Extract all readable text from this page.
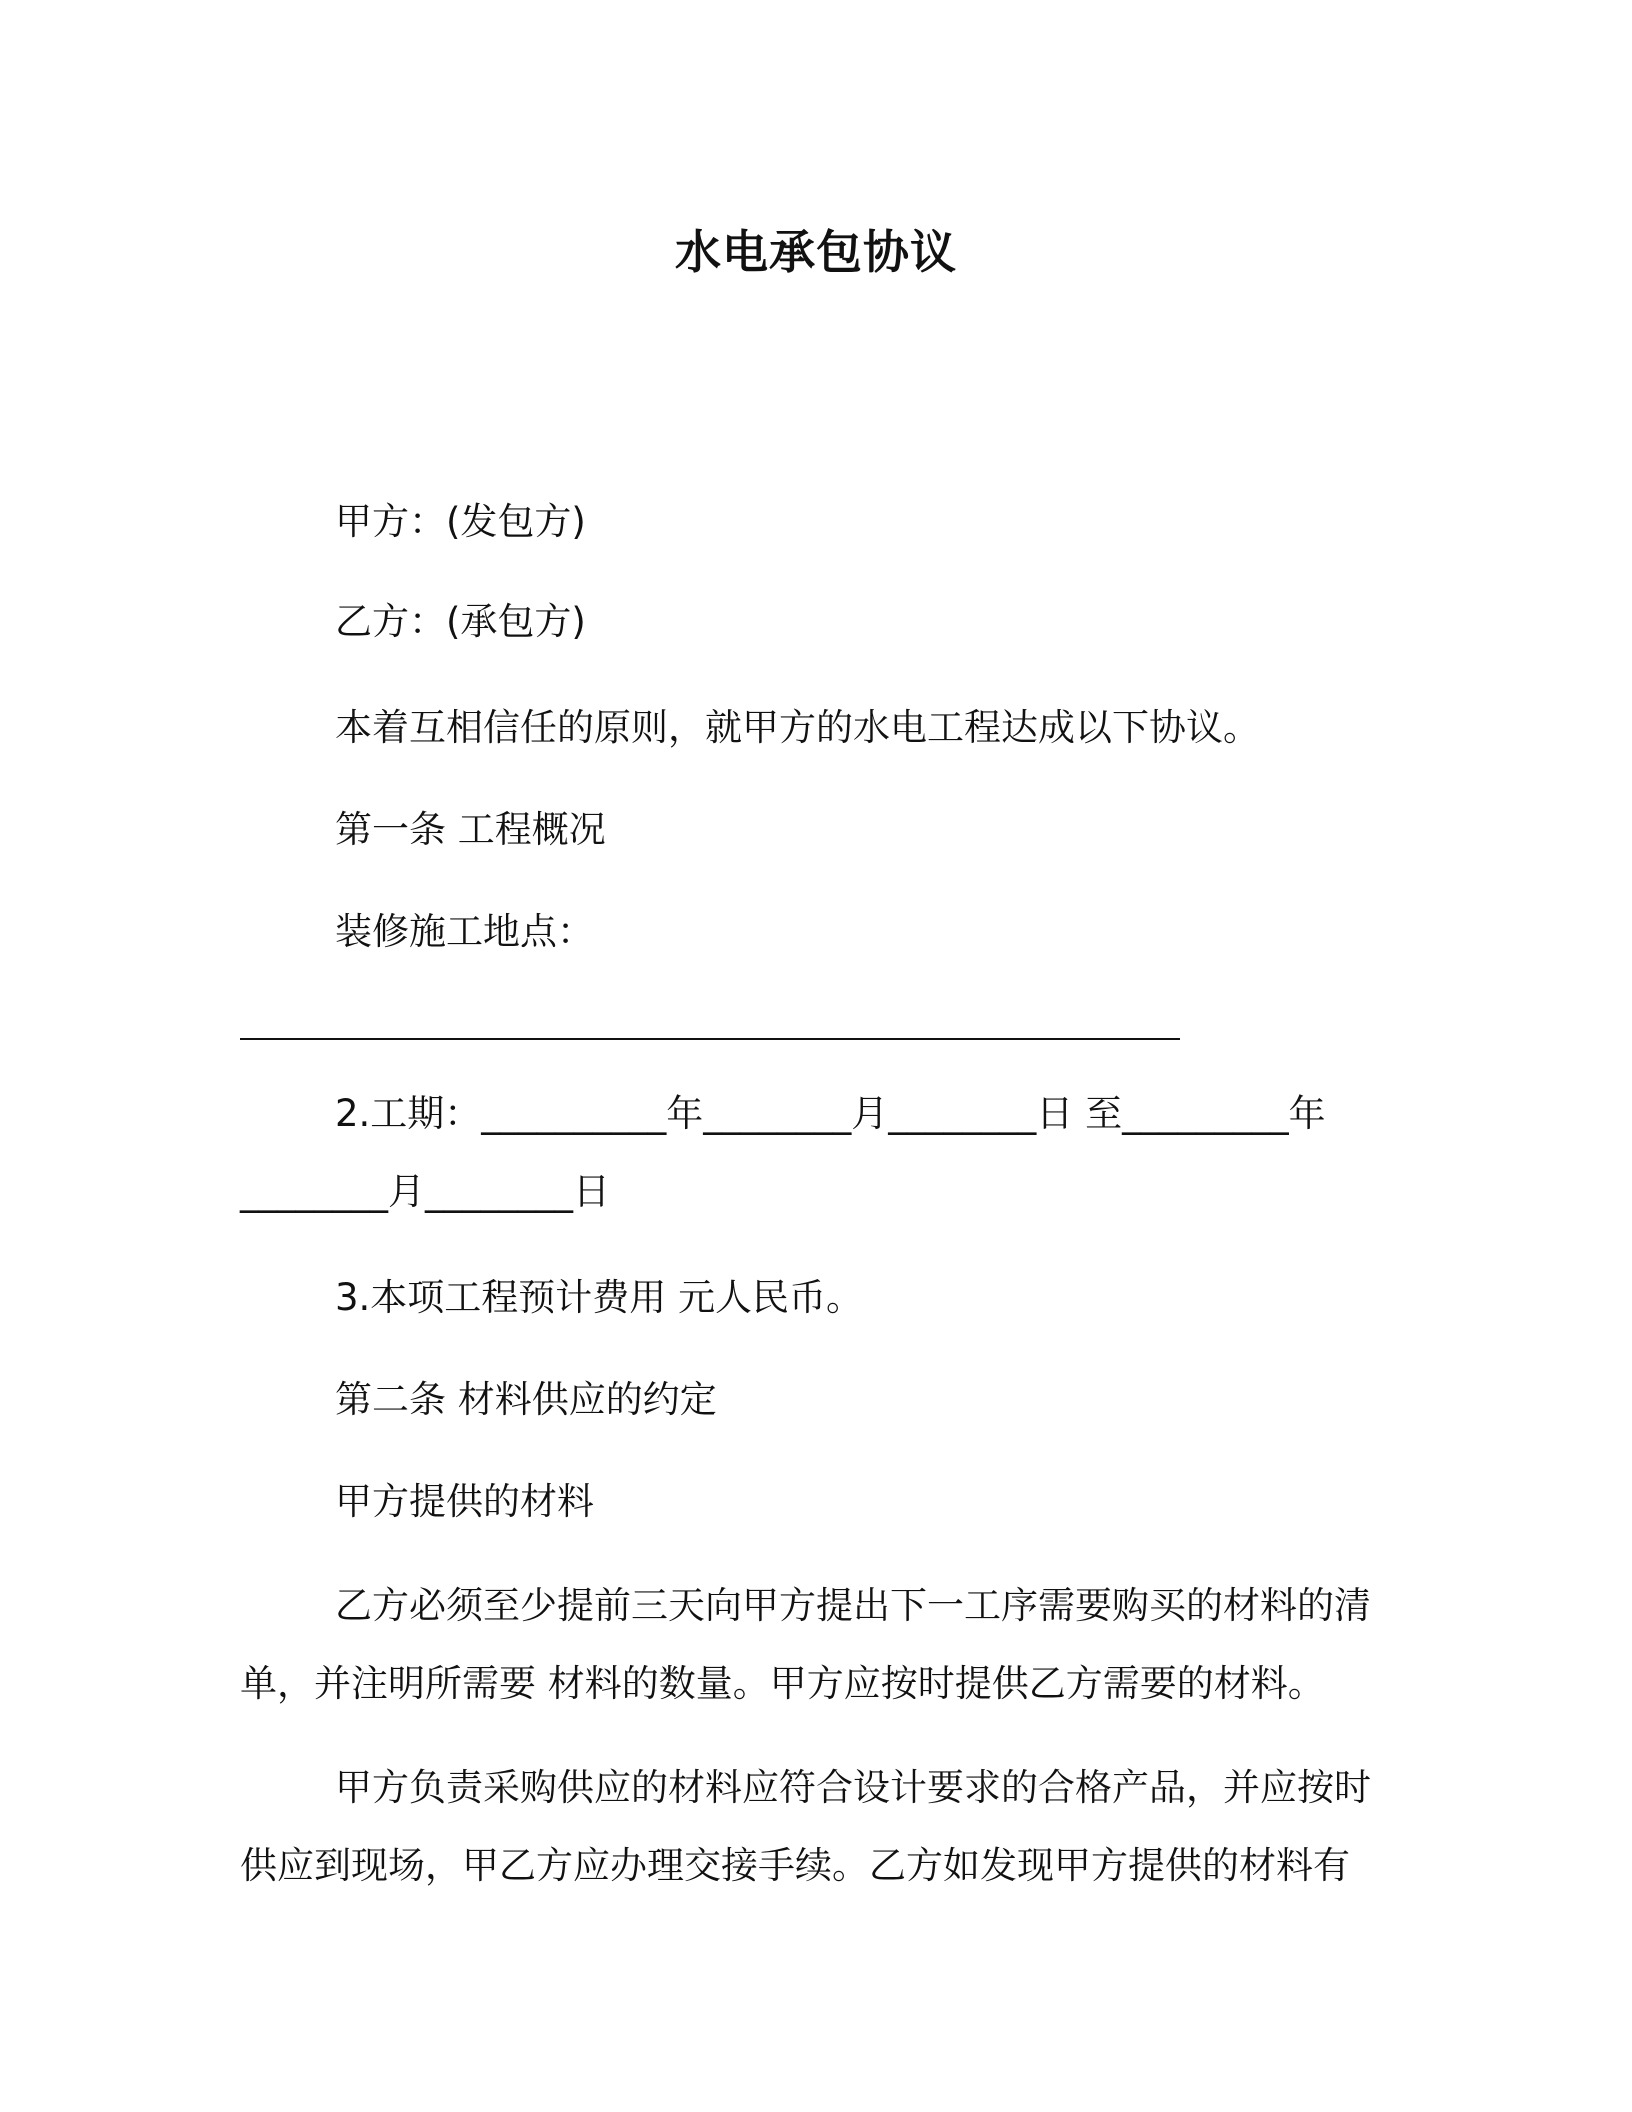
水电承包协议
甲方：(发包方)
乙方：(承包方)
本着互相信任的原则，就甲方的水电工程达成以下协议。
第一条 工程概况
装修施工地点：
2.工期：__________年________月________日 至_________年
________月________日
3.本项工程预计费用 元人民币。
第二条 材料供应的约定
甲方提供的材料
乙方必须至少提前三天向甲方提出下一工序需要购买的材料的清
单，并注明所需要 材料的数量。甲方应按时提供乙方需要的材料。
甲方负责采购供应的材料应符合设计要求的合格产品，并应按时
供应到现场，甲乙方应办理交接手续。乙方如发现甲方提供的材料有
